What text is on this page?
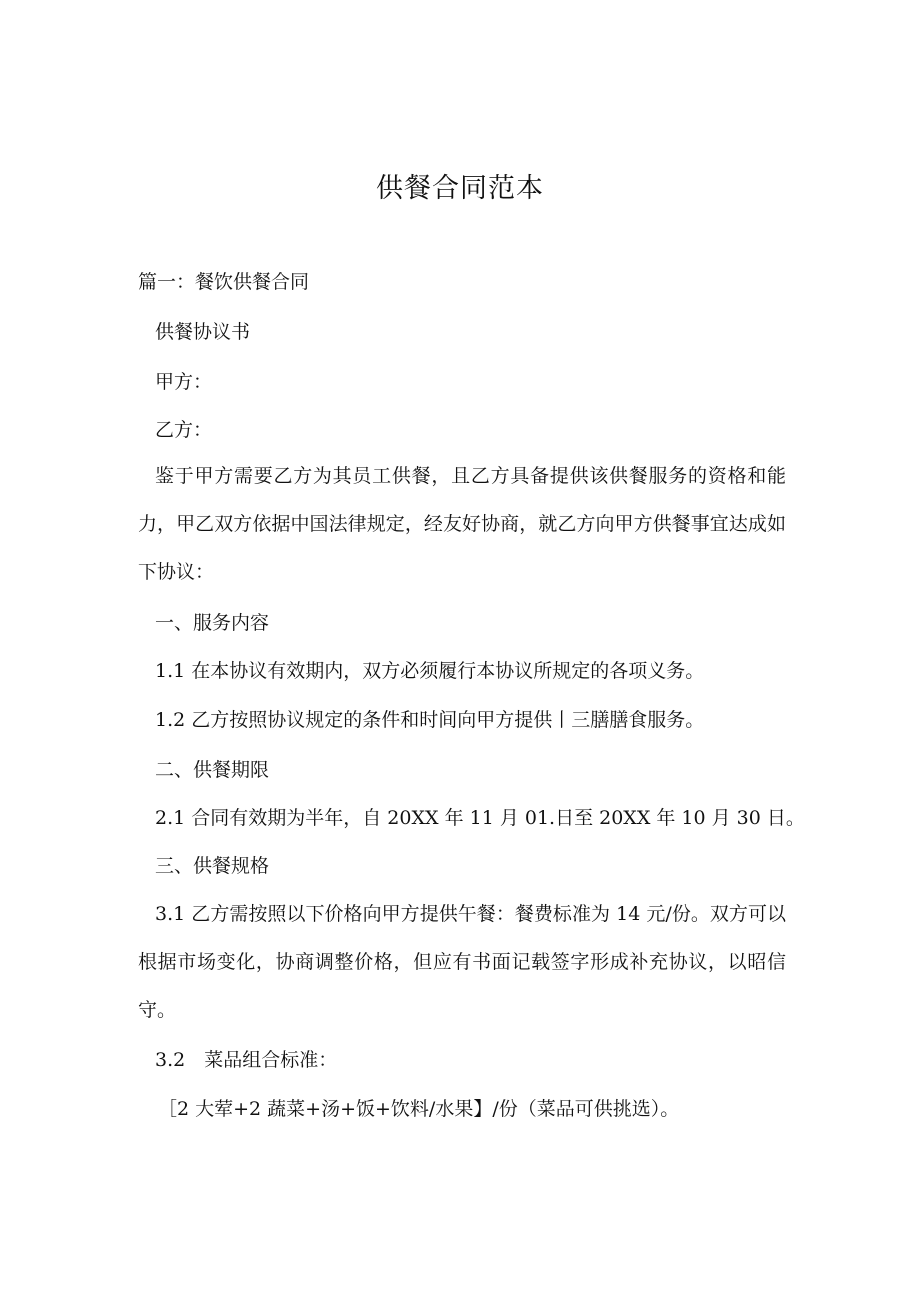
供餐合同范本
篇一：餐饮供餐合同
供餐协议书
甲方：
乙方：
鉴于甲方需要乙方为其员工供餐，且乙方具备提供该供餐服务的资格和能力，甲乙双方依据中国法律规定，经友好协商，就乙方向甲方供餐事宜达成如下协议：
一、服务内容
1.1 在本协议有效期内，双方必须履行本协议所规定的各项义务。
1.2 乙方按照协议规定的条件和时间向甲方提供丨三膳膳食服务。
二、供餐期限
2.1 合同有效期为半年，自 20XX 年 11 月 01.日至 20XX 年 10 月 30 日。
三、供餐规格
3.1 乙方需按照以下价格向甲方提供午餐：餐费标准为 14 元/份。双方可以根据市场变化，协商调整价格，但应有书面记载签字形成补充协议，以昭信守。
3.2　菜品组合标准：
［2 大荤+2 蔬菜+汤+饭+饮料/水果】/份（菜品可供挑选）。
